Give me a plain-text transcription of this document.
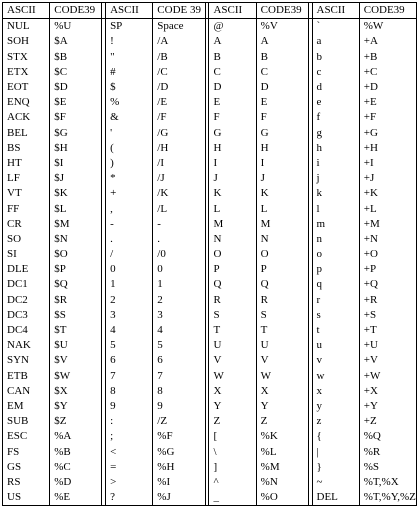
ASCII	CODE39		ASCII	CODE 39		ASCII	CODE39		ASCII	CODE39
NUL	%U		SP	Space		@	%V		`	%W
SOH	$A		!	/A		A	A		a	+A
STX	$B		"	/B		B	B		b	+B
ETX	$C		#	/C		C	C		c	+C
EOT	$D		$	/D		D	D		d	+D
ENQ	$E		%	/E		E	E		e	+E
ACK	$F		&	/F		F	F		f	+F
BEL	$G		'	/G		G	G		g	+G
BS	$H		(	/H		H	H		h	+H
HT	$I		)	/I		I	I		i	+I
LF	$J		*	/J		J	J		j	+J
VT	$K		+	/K		K	K		k	+K
FF	$L		,	/L		L	L		l	+L
CR	$M		-	-		M	M		m	+M
SO	$N		.	.		N	N		n	+N
SI	$O		/	/0		O	O		o	+O
DLE	$P		0	0		P	P		p	+P
DC1	$Q		1	1		Q	Q		q	+Q
DC2	$R		2	2		R	R		r	+R
DC3	$S		3	3		S	S		s	+S
DC4	$T		4	4		T	T		t	+T
NAK	$U		5	5		U	U		u	+U
SYN	$V		6	6		V	V		v	+V
ETB	$W		7	7		W	W		w	+W
CAN	$X		8	8		X	X		x	+X
EM	$Y		9	9		Y	Y		y	+Y
SUB	$Z		:	/Z		Z	Z		z	+Z
ESC	%A		;	%F		[	%K		{	%Q
FS	%B		<	%G		\	%L		|	%R
GS	%C		=	%H		]	%M		}	%S
RS	%D		>	%I		^	%N		~	%T,%X
US	%E		?	%J		_	%O		DEL	%T,%Y,%Z
